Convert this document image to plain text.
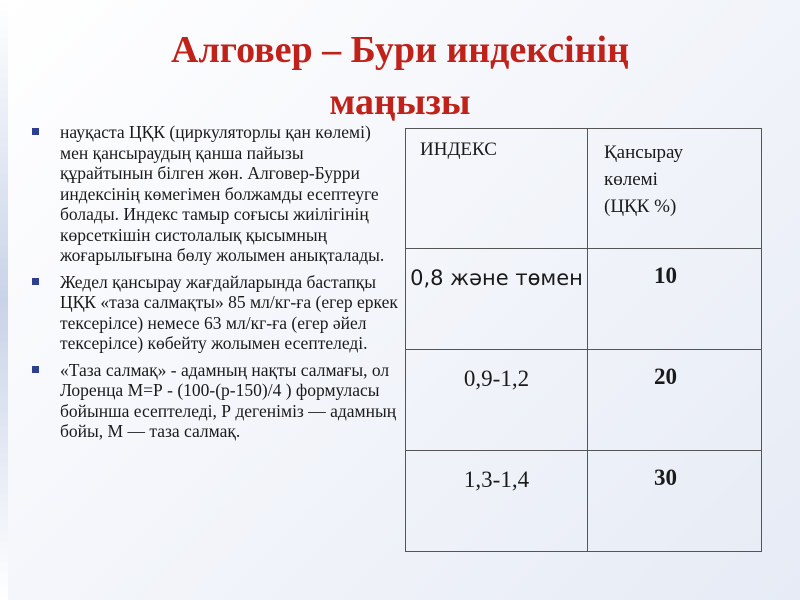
Алговер – Бури индексінің маңызы
науқаста ЦҚК (циркуляторлы қан көлемі) мен қансыраудың қанша пайызы құрайтынын білген жөн. Алговер-Бурри индексінің көмегімен болжамды есептеуге болады. Индекс тамыр соғысы жиілігінің көрсеткішін систолалық қысымның жоғарылығына бөлу жолымен анықталады.
Жедел қансырау жағдайларында бастапқы ЦҚК «таза салмақты» 85 мл/кг-ға (егер еркек тексерілсе) немесе 63 мл/кг-ға (егер әйел тексерілсе) көбейту жолымен есептеледі.
«Таза салмақ» - адамның нақты салмағы, ол Лоренца М=Р - (100-(р-150)/4 ) формуласы бойынша есептеледі, Р дегеніміз — адамның бойы, М — таза салмақ.
ИНДЕКС	Қансырау
көлемі
(ЦҚК %)

0,8 және төмен	10
0,9-1,2	20
1,3-1,4	30
